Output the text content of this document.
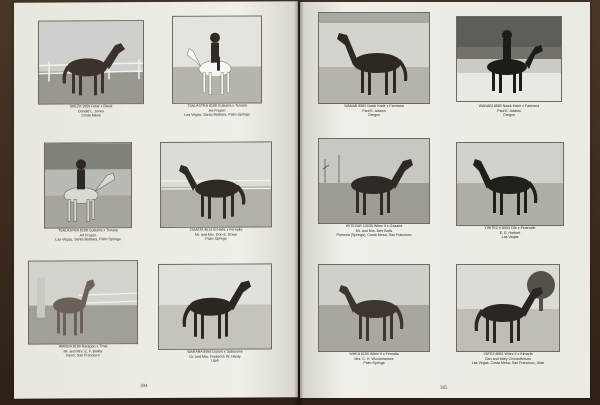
SKEZA 1059 Fetar x Bleek
Donald L. Jones
Costa Mesa
TSALASTRA 8188 Gulastra x Tsmara
Art Frazen
Las Vegas, Santa Barbara, Palm Springs
TSALASTRA 8188 Gulastra x Tsmara
Art Frazen
Las Vegas, Santa Barbara, Palm Springs
TAMATA 9614 El Hafiz x Fernalla
Mr. and Mrs. Don E. Rowe
Palm Springs
WANDA 8189 Rarapan x Tmal
Mr. and Mrs. E. F. Bailey
Reno, San Francisco
WARABA 8956 Diaam x Sabarsine
Dr. and Mrs. Frederick W. Hardy
Utah
384
WANAB 8580 Nasik Kabir x Farmana
Paul E. Adams
Oregon
WANABI 8580 Nasik Kabir x Farmana
Paul E. Adams
Oregon
WITEZAR 10035 Witez II x Gazana
Mr. and Mrs. Bert Bolts
Pomona (Springs), Costa Mesa, San Francisco
YWITEZ II 8553 Ofir x Federalle
E. E. Horbett
Las Vegas
WHEA 6150 Witez II x Fernalla
Mrs. C. H. Woodmansee
Palm Springs
YATEZ 8951 Witez II x Kimaria
Dan and Mary Christofferson
Las Vegas, Costa Mesa, San Francisco, Utah
385
